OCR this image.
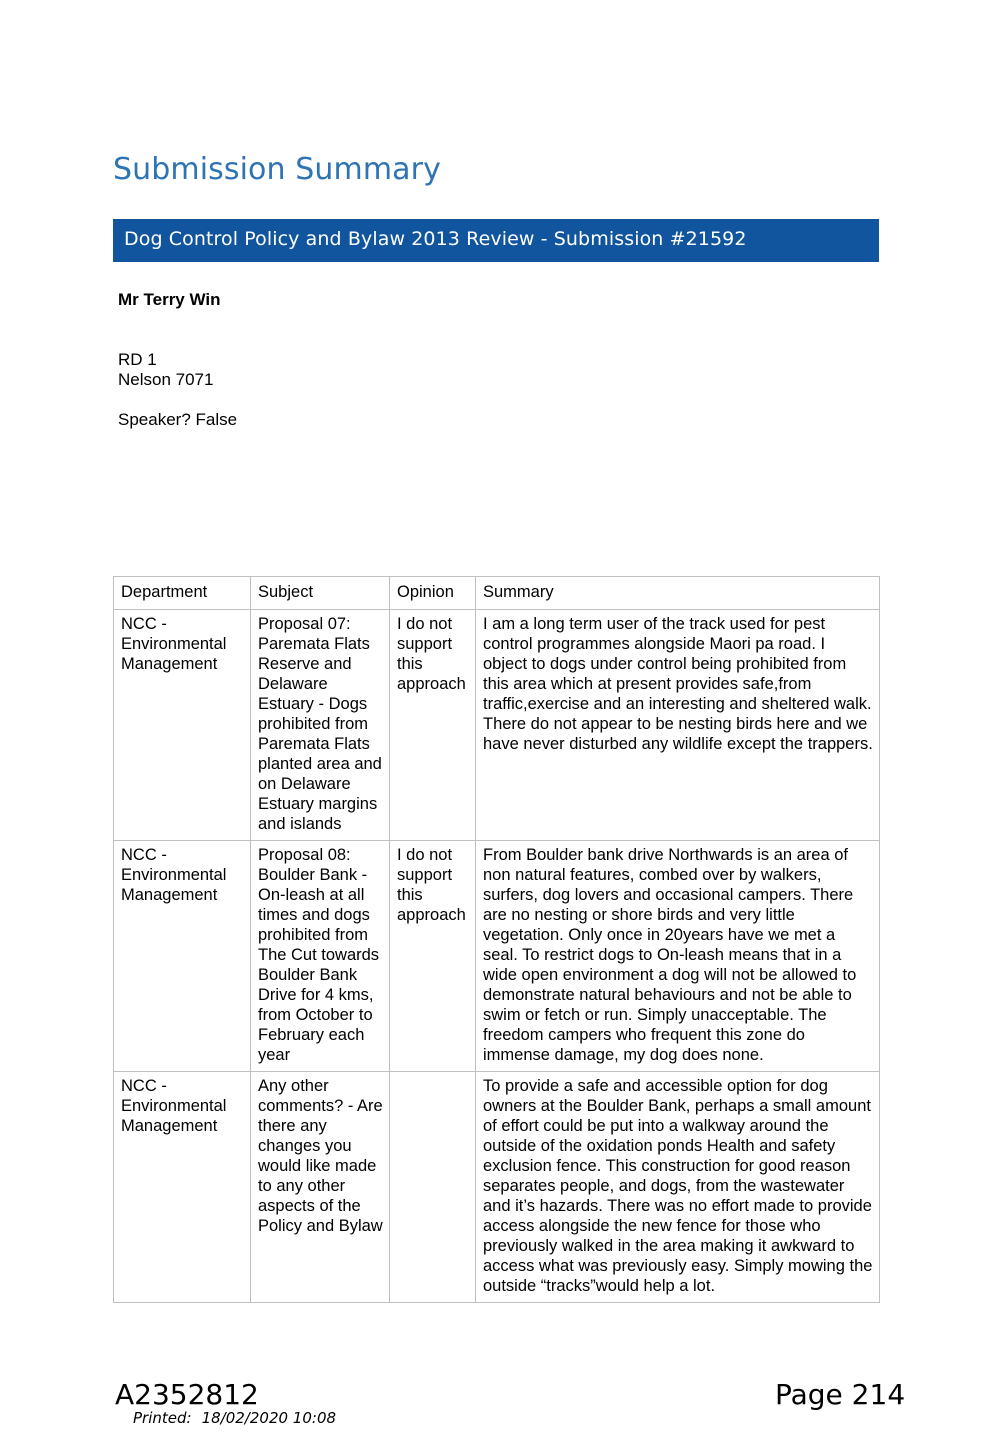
Submission Summary
Dog Control Policy and Bylaw 2013 Review - Submission #21592
Mr Terry Win
RD 1
Nelson 7071
Speaker? False
Department	Subject	Opinion	Summary
NCC - Environmental Management	Proposal 07: Paremata Flats Reserve and Delaware Estuary - Dogs prohibited from Paremata Flats planted area and on Delaware Estuary margins and islands	I do not support this approach	I am a long term user of the track used for pest control programmes alongside Maori pa road. I object to dogs under control being prohibited from this area which at present provides safe,from traffic,exercise and an interesting and sheltered walk. There do not appear to be nesting birds here and we have never disturbed any wildlife except the trappers.
NCC - Environmental Management	Proposal 08: Boulder Bank - On-leash at all times and dogs prohibited from The Cut towards Boulder Bank Drive for 4 kms, from October to February each year	I do not support this approach	From Boulder bank drive Northwards is an area of non natural features, combed over by walkers, surfers, dog lovers and occasional campers. There are no nesting or shore birds and very little vegetation. Only once in 20years have we met a seal. To restrict dogs to On-leash means that in a wide open environment a dog will not be allowed to demonstrate natural behaviours and not be able to swim or fetch or run. Simply unacceptable. The freedom campers who frequent this zone do immense damage, my dog does none.
NCC - Environmental Management	Any other comments? - Are there any changes you would like made to any other aspects of the Policy and Bylaw		To provide a safe and accessible option for dog owners at the Boulder Bank, perhaps a small amount of effort could be put into a walkway around the outside of the oxidation ponds Health and safety exclusion fence. This construction for good reason separates people, and dogs, from the wastewater and it’s hazards. There was no effort made to provide access alongside the new fence for those who previously walked in the area making it awkward to access what was previously easy. Simply mowing the outside “tracks”would help a lot.
A2352812	Page 214
Printed: 18/02/2020 10:08
